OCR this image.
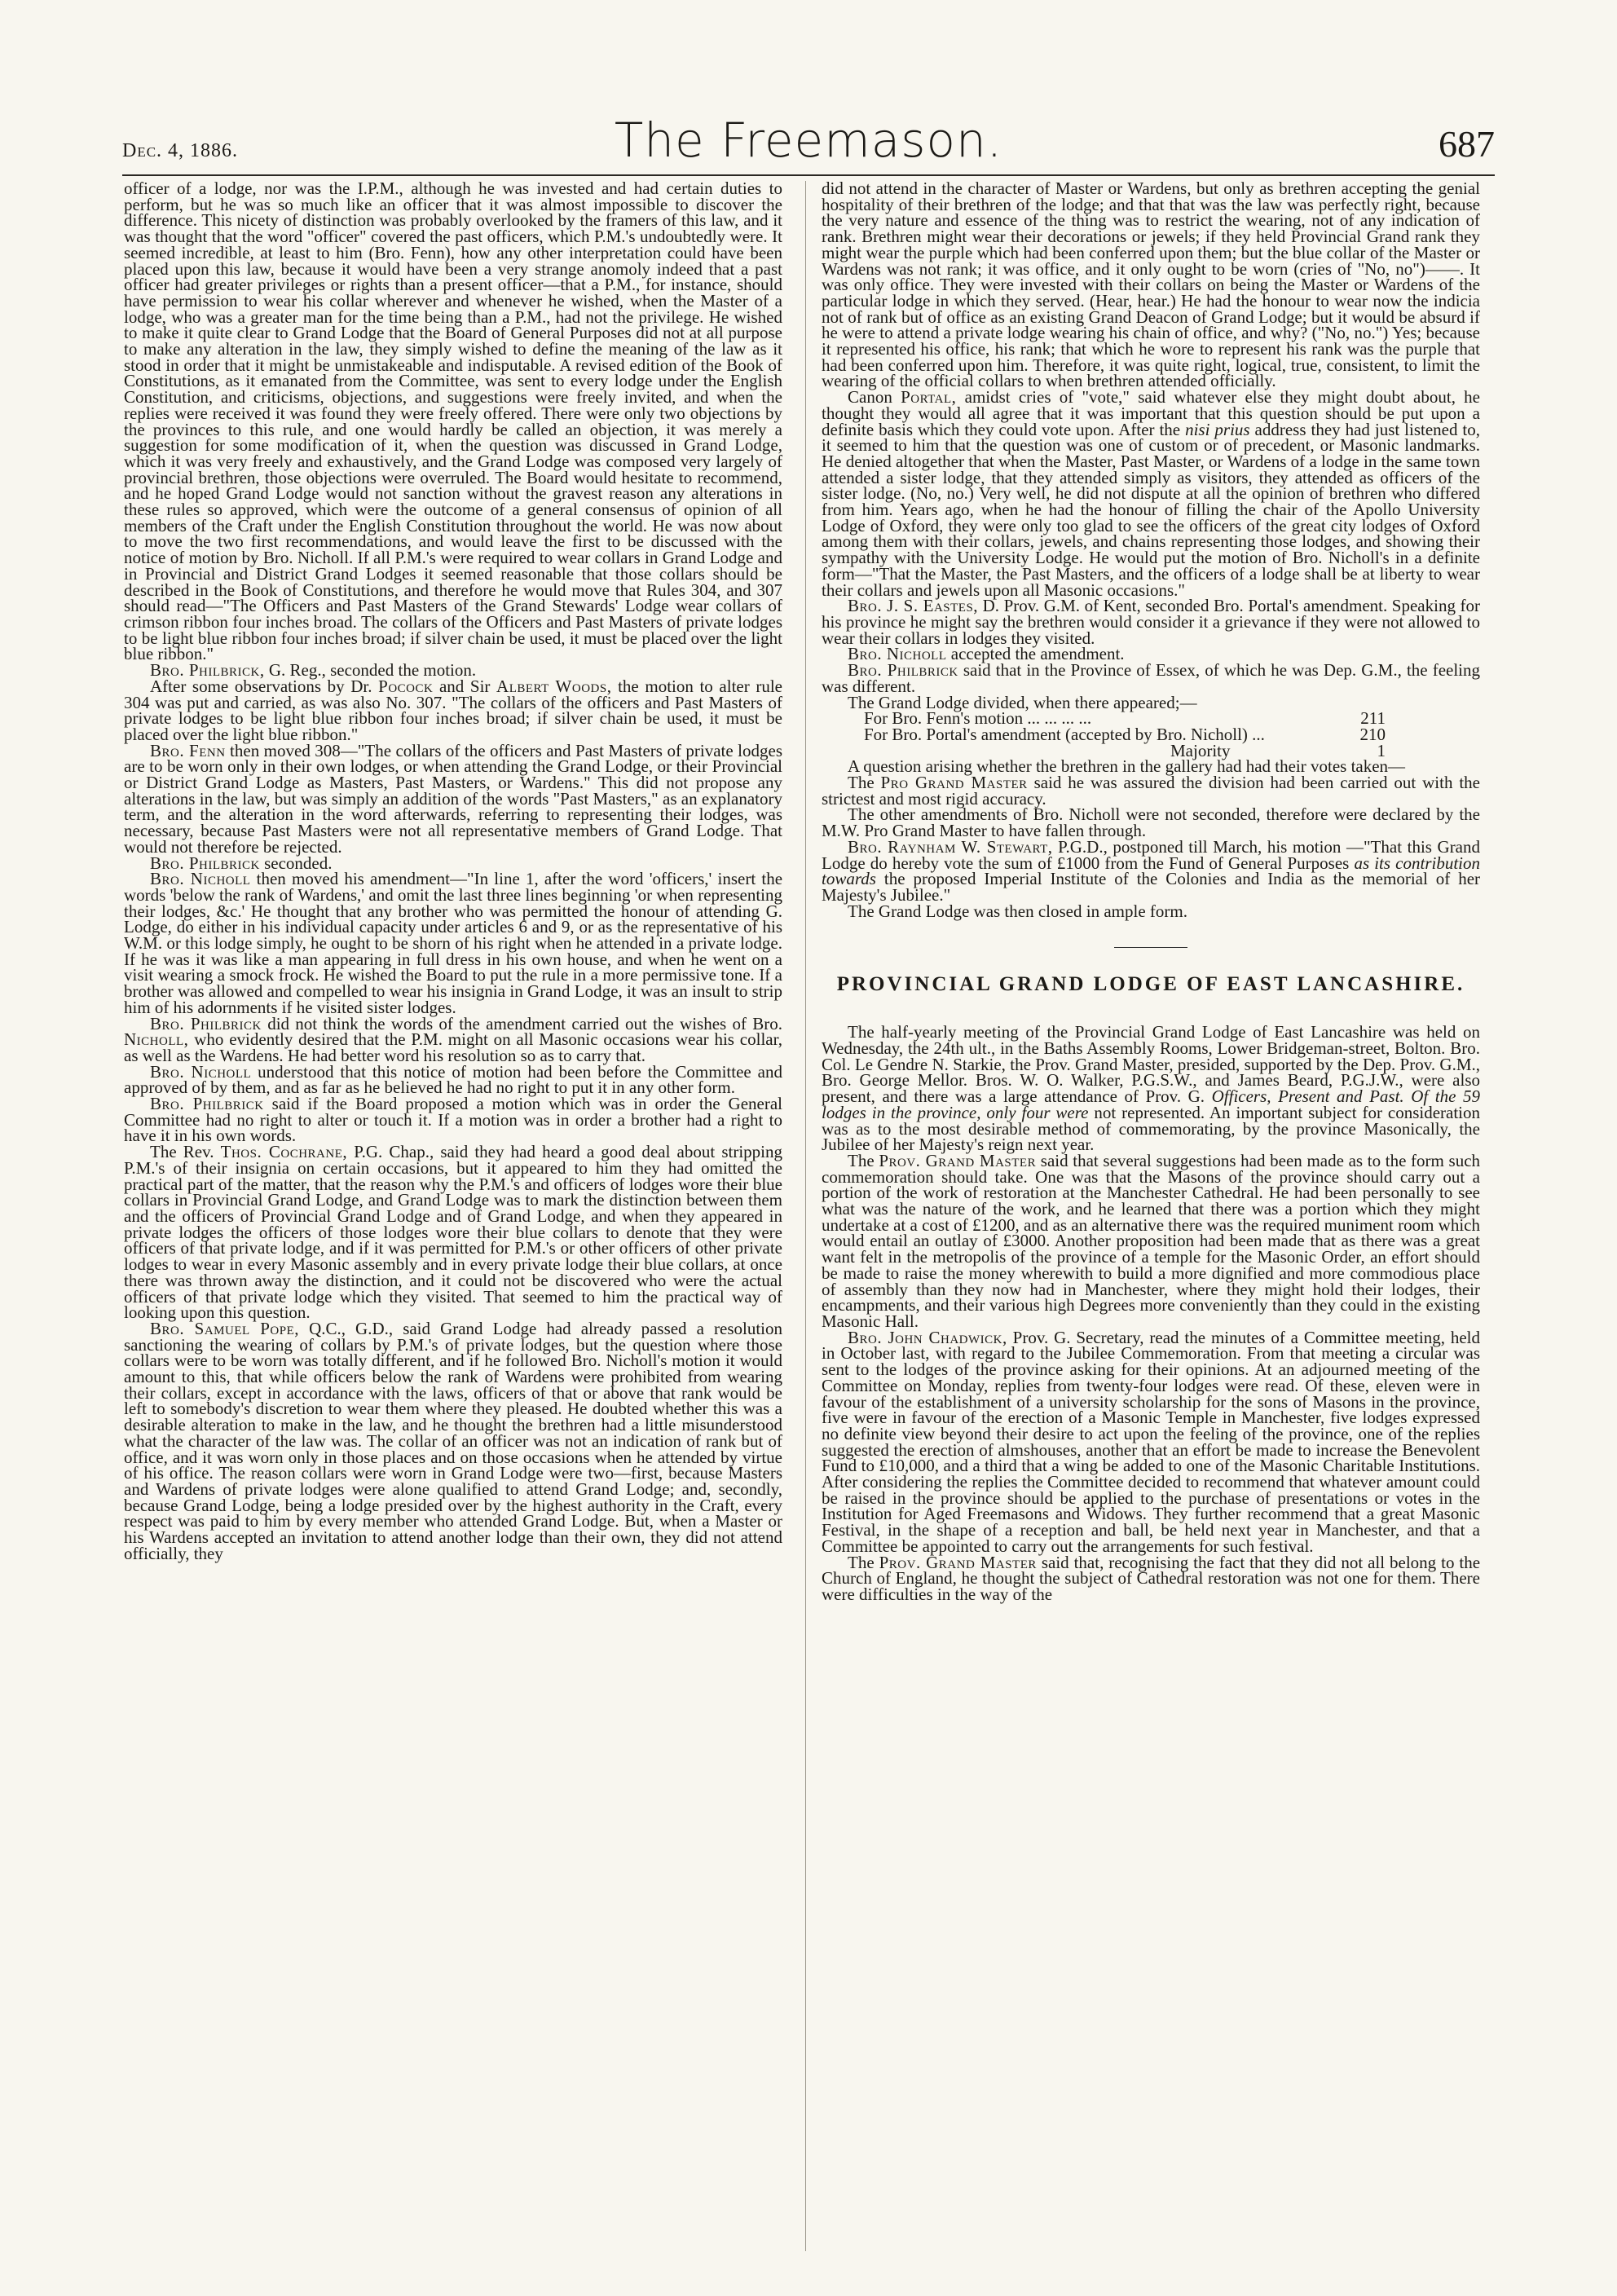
Dec. 4, 1886.	The Freemason.	687

officer of a lodge, nor was the I.P.M., although he was invested and had certain duties to perform, but he was so much like an officer that it was almost impossible to discover the difference. This nicety of distinction was probably overlooked by the framers of this law, and it was thought that the word "officer" covered the past officers, which P.M.'s undoubtedly were. It seemed incredible, at least to him (Bro. Fenn), how any other interpretation could have been placed upon this law, because it would have been a very strange anomoly indeed that a past officer had greater privileges or rights than a present officer—that a P.M., for instance, should have permission to wear his collar wherever and whenever he wished, when the Master of a lodge, who was a greater man for the time being than a P.M., had not the privilege. He wished to make it quite clear to Grand Lodge that the Board of General Purposes did not at all purpose to make any alteration in the law, they simply wished to define the meaning of the law as it stood in order that it might be unmistakeable and indisputable. A revised edition of the Book of Constitutions, as it emanated from the Committee, was sent to every lodge under the English Constitution, and criticisms, objections, and suggestions were freely invited, and when the replies were received it was found they were freely offered. There were only two objections by the provinces to this rule, and one would hardly be called an objection, it was merely a suggestion for some modification of it, when the question was discussed in Grand Lodge, which it was very freely and exhaustively, and the Grand Lodge was composed very largely of provincial brethren, those objections were overruled. The Board would hesitate to recommend, and he hoped Grand Lodge would not sanction without the gravest reason any alterations in these rules so approved, which were the outcome of a general consensus of opinion of all members of the Craft under the English Constitution throughout the world. He was now about to move the two first recommendations, and would leave the first to be discussed with the notice of motion by Bro. Nicholl. If all P.M.'s were required to wear collars in Grand Lodge and in Provincial and District Grand Lodges it seemed reasonable that those collars should be described in the Book of Constitutions, and therefore he would move that Rules 304, and 307 should read—"The Officers and Past Masters of the Grand Stewards' Lodge wear collars of crimson ribbon four inches broad. The collars of the Officers and Past Masters of private lodges to be light blue ribbon four inches broad; if silver chain be used, it must be placed over the light blue ribbon."

Bro. Philbrick, G. Reg., seconded the motion.

After some observations by Dr. Pocock and Sir Albert Woods, the motion to alter rule 304 was put and carried, as was also No. 307. "The collars of the officers and Past Masters of private lodges to be light blue ribbon four inches broad; if silver chain be used, it must be placed over the light blue ribbon."

Bro. Fenn then moved 308—"The collars of the officers and Past Masters of private lodges are to be worn only in their own lodges, or when attending the Grand Lodge, or their Provincial or District Grand Lodge as Masters, Past Masters, or Wardens." This did not propose any alterations in the law, but was simply an addition of the words "Past Masters," as an explanatory term, and the alteration in the word afterwards, referring to representing their lodges, was necessary, because Past Masters were not all representative members of Grand Lodge. That would not therefore be rejected.

Bro. Philbrick seconded.

Bro. Nicholl then moved his amendment—"In line 1, after the word 'officers,' insert the words 'below the rank of Wardens,' and omit the last three lines beginning 'or when representing their lodges, &c.' He thought that any brother who was permitted the honour of attending G. Lodge, do either in his individual capacity under articles 6 and 9, or as the representative of his W.M. or this lodge simply, he ought to be shorn of his right when he attended in a private lodge. If he was it was like a man appearing in full dress in his own house, and when he went on a visit wearing a smock frock. He wished the Board to put the rule in a more permissive tone. If a brother was allowed and compelled to wear his insignia in Grand Lodge, it was an insult to strip him of his adornments if he visited sister lodges.

Bro. Philbrick did not think the words of the amendment carried out the wishes of Bro. Nicholl, who evidently desired that the P.M. might on all Masonic occasions wear his collar, as well as the Wardens. He had better word his resolution so as to carry that.

Bro. Nicholl understood that this notice of motion had been before the Committee and approved of by them, and as far as he believed he had no right to put it in any other form.

Bro. Philbrick said if the Board proposed a motion which was in order the General Committee had no right to alter or touch it. If a motion was in order a brother had a right to have it in his own words.

The Rev. Thos. Cochrane, P.G. Chap., said they had heard a good deal about stripping P.M.'s of their insignia on certain occasions, but it appeared to him they had omitted the practical part of the matter, that the reason why the P.M.'s and officers of lodges wore their blue collars in Provincial Grand Lodge, and Grand Lodge was to mark the distinction between them and the officers of Provincial Grand Lodge and of Grand Lodge, and when they appeared in private lodges the officers of those lodges wore their blue collars to denote that they were officers of that private lodge, and if it was permitted for P.M.'s or other officers of other private lodges to wear in every Masonic assembly and in every private lodge their blue collars, at once there was thrown away the distinction, and it could not be discovered who were the actual officers of that private lodge which they visited. That seemed to him the practical way of looking upon this question.

Bro. Samuel Pope, Q.C., G.D., said Grand Lodge had already passed a resolution sanctioning the wearing of collars by P.M.'s of private lodges, but the question where those collars were to be worn was totally different, and if he followed Bro. Nicholl's motion it would amount to this, that while officers below the rank of Wardens were prohibited from wearing their collars, except in accordance with the laws, officers of that or above that rank would be left to somebody's discretion to wear them where they pleased. He doubted whether this was a desirable alteration to make in the law, and he thought the brethren had a little misunderstood what the character of the law was. The collar of an officer was not an indication of rank but of office, and it was worn only in those places and on those occasions when he attended by virtue of his office. The reason collars were worn in Grand Lodge were two—first, because Masters and Wardens of private lodges were alone qualified to attend Grand Lodge; and, secondly, because Grand Lodge, being a lodge presided over by the highest authority in the Craft, every respect was paid to him by every member who attended Grand Lodge. But, when a Master or his Wardens accepted an invitation to attend another lodge than their own, they did not attend officially, they

did not attend in the character of Master or Wardens, but only as brethren accepting the genial hospitality of their brethren of the lodge; and that that was the law was perfectly right, because the very nature and essence of the thing was to restrict the wearing, not of any indication of rank. Brethren might wear their decorations or jewels; if they held Provincial Grand rank they might wear the purple which had been conferred upon them; but the blue collar of the Master or Wardens was not rank; it was office, and it only ought to be worn (cries of "No, no")——. It was only office. They were invested with their collars on being the Master or Wardens of the particular lodge in which they served. (Hear, hear.) He had the honour to wear now the indicia not of rank but of office as an existing Grand Deacon of Grand Lodge; but it would be absurd if he were to attend a private lodge wearing his chain of office, and why? ("No, no.") Yes; because it represented his office, his rank; that which he wore to represent his rank was the purple that had been conferred upon him. Therefore, it was quite right, logical, true, consistent, to limit the wearing of the official collars to when brethren attended officially.

Canon Portal, amidst cries of "vote," said whatever else they might doubt about, he thought they would all agree that it was important that this question should be put upon a definite basis which they could vote upon. After the nisi prius address they had just listened to, it seemed to him that the question was one of custom or of precedent, or Masonic landmarks. He denied altogether that when the Master, Past Master, or Wardens of a lodge in the same town attended a sister lodge, that they attended simply as visitors, they attended as officers of the sister lodge. (No, no.) Very well, he did not dispute at all the opinion of brethren who differed from him. Years ago, when he had the honour of filling the chair of the Apollo University Lodge of Oxford, they were only too glad to see the officers of the great city lodges of Oxford among them with their collars, jewels, and chains representing those lodges, and showing their sympathy with the University Lodge. He would put the motion of Bro. Nicholl's in a definite form—"That the Master, the Past Masters, and the officers of a lodge shall be at liberty to wear their collars and jewels upon all Masonic occasions."

Bro. J. S. Eastes, D. Prov. G.M. of Kent, seconded Bro. Portal's amendment. Speaking for his province he might say the brethren would consider it a grievance if they were not allowed to wear their collars in lodges they visited.

Bro. Nicholl accepted the amendment.

Bro. Philbrick said that in the Province of Essex, of which he was Dep. G.M., the feeling was different.

The Grand Lodge divided, when there appeared;—

For Bro. Fenn's motion ... ... ... ...	211
For Bro. Portal's amendment (accepted by Bro. Nicholl) ...	210
Majority	1

A question arising whether the brethren in the gallery had had their votes taken—

The Pro Grand Master said he was assured the division had been carried out with the strictest and most rigid accuracy.

The other amendments of Bro. Nicholl were not seconded, therefore were declared by the M.W. Pro Grand Master to have fallen through.

Bro. Raynham W. Stewart, P.G.D., postponed till March, his motion —"That this Grand Lodge do hereby vote the sum of £1000 from the Fund of General Purposes as its contribution towards the proposed Imperial Institute of the Colonies and India as the memorial of her Majesty's Jubilee."

The Grand Lodge was then closed in ample form.

PROVINCIAL GRAND LODGE OF EAST LANCASHIRE.

The half-yearly meeting of the Provincial Grand Lodge of East Lancashire was held on Wednesday, the 24th ult., in the Baths Assembly Rooms, Lower Bridgeman-street, Bolton. Bro. Col. Le Gendre N. Starkie, the Prov. Grand Master, presided, supported by the Dep. Prov. G.M., Bro. George Mellor. Bros. W. O. Walker, P.G.S.W., and James Beard, P.G.J.W., were also present, and there was a large attendance of Prov. G. Officers, Present and Past. Of the 59 lodges in the province, only four were not represented. An important subject for consideration was as to the most desirable method of commemorating, by the province Masonically, the Jubilee of her Majesty's reign next year.

The Prov. Grand Master said that several suggestions had been made as to the form such commemoration should take. One was that the Masons of the province should carry out a portion of the work of restoration at the Manchester Cathedral. He had been personally to see what was the nature of the work, and he learned that there was a portion which they might undertake at a cost of £1200, and as an alternative there was the required muniment room which would entail an outlay of £3000. Another proposition had been made that as there was a great want felt in the metropolis of the province of a temple for the Masonic Order, an effort should be made to raise the money wherewith to build a more dignified and more commodious place of assembly than they now had in Manchester, where they might hold their lodges, their encampments, and their various high Degrees more conveniently than they could in the existing Masonic Hall.

Bro. John Chadwick, Prov. G. Secretary, read the minutes of a Committee meeting, held in October last, with regard to the Jubilee Commemoration. From that meeting a circular was sent to the lodges of the province asking for their opinions. At an adjourned meeting of the Committee on Monday, replies from twenty-four lodges were read. Of these, eleven were in favour of the establishment of a university scholarship for the sons of Masons in the province, five were in favour of the erection of a Masonic Temple in Manchester, five lodges expressed no definite view beyond their desire to act upon the feeling of the province, one of the replies suggested the erection of almshouses, another that an effort be made to increase the Benevolent Fund to £10,000, and a third that a wing be added to one of the Masonic Charitable Institutions. After considering the replies the Committee decided to recommend that whatever amount could be raised in the province should be applied to the purchase of presentations or votes in the Institution for Aged Freemasons and Widows. They further recommend that a great Masonic Festival, in the shape of a reception and ball, be held next year in Manchester, and that a Committee be appointed to carry out the arrangements for such festival.

The Prov. Grand Master said that, recognising the fact that they did not all belong to the Church of England, he thought the subject of Cathedral restoration was not one for them. There were difficulties in the way of the
